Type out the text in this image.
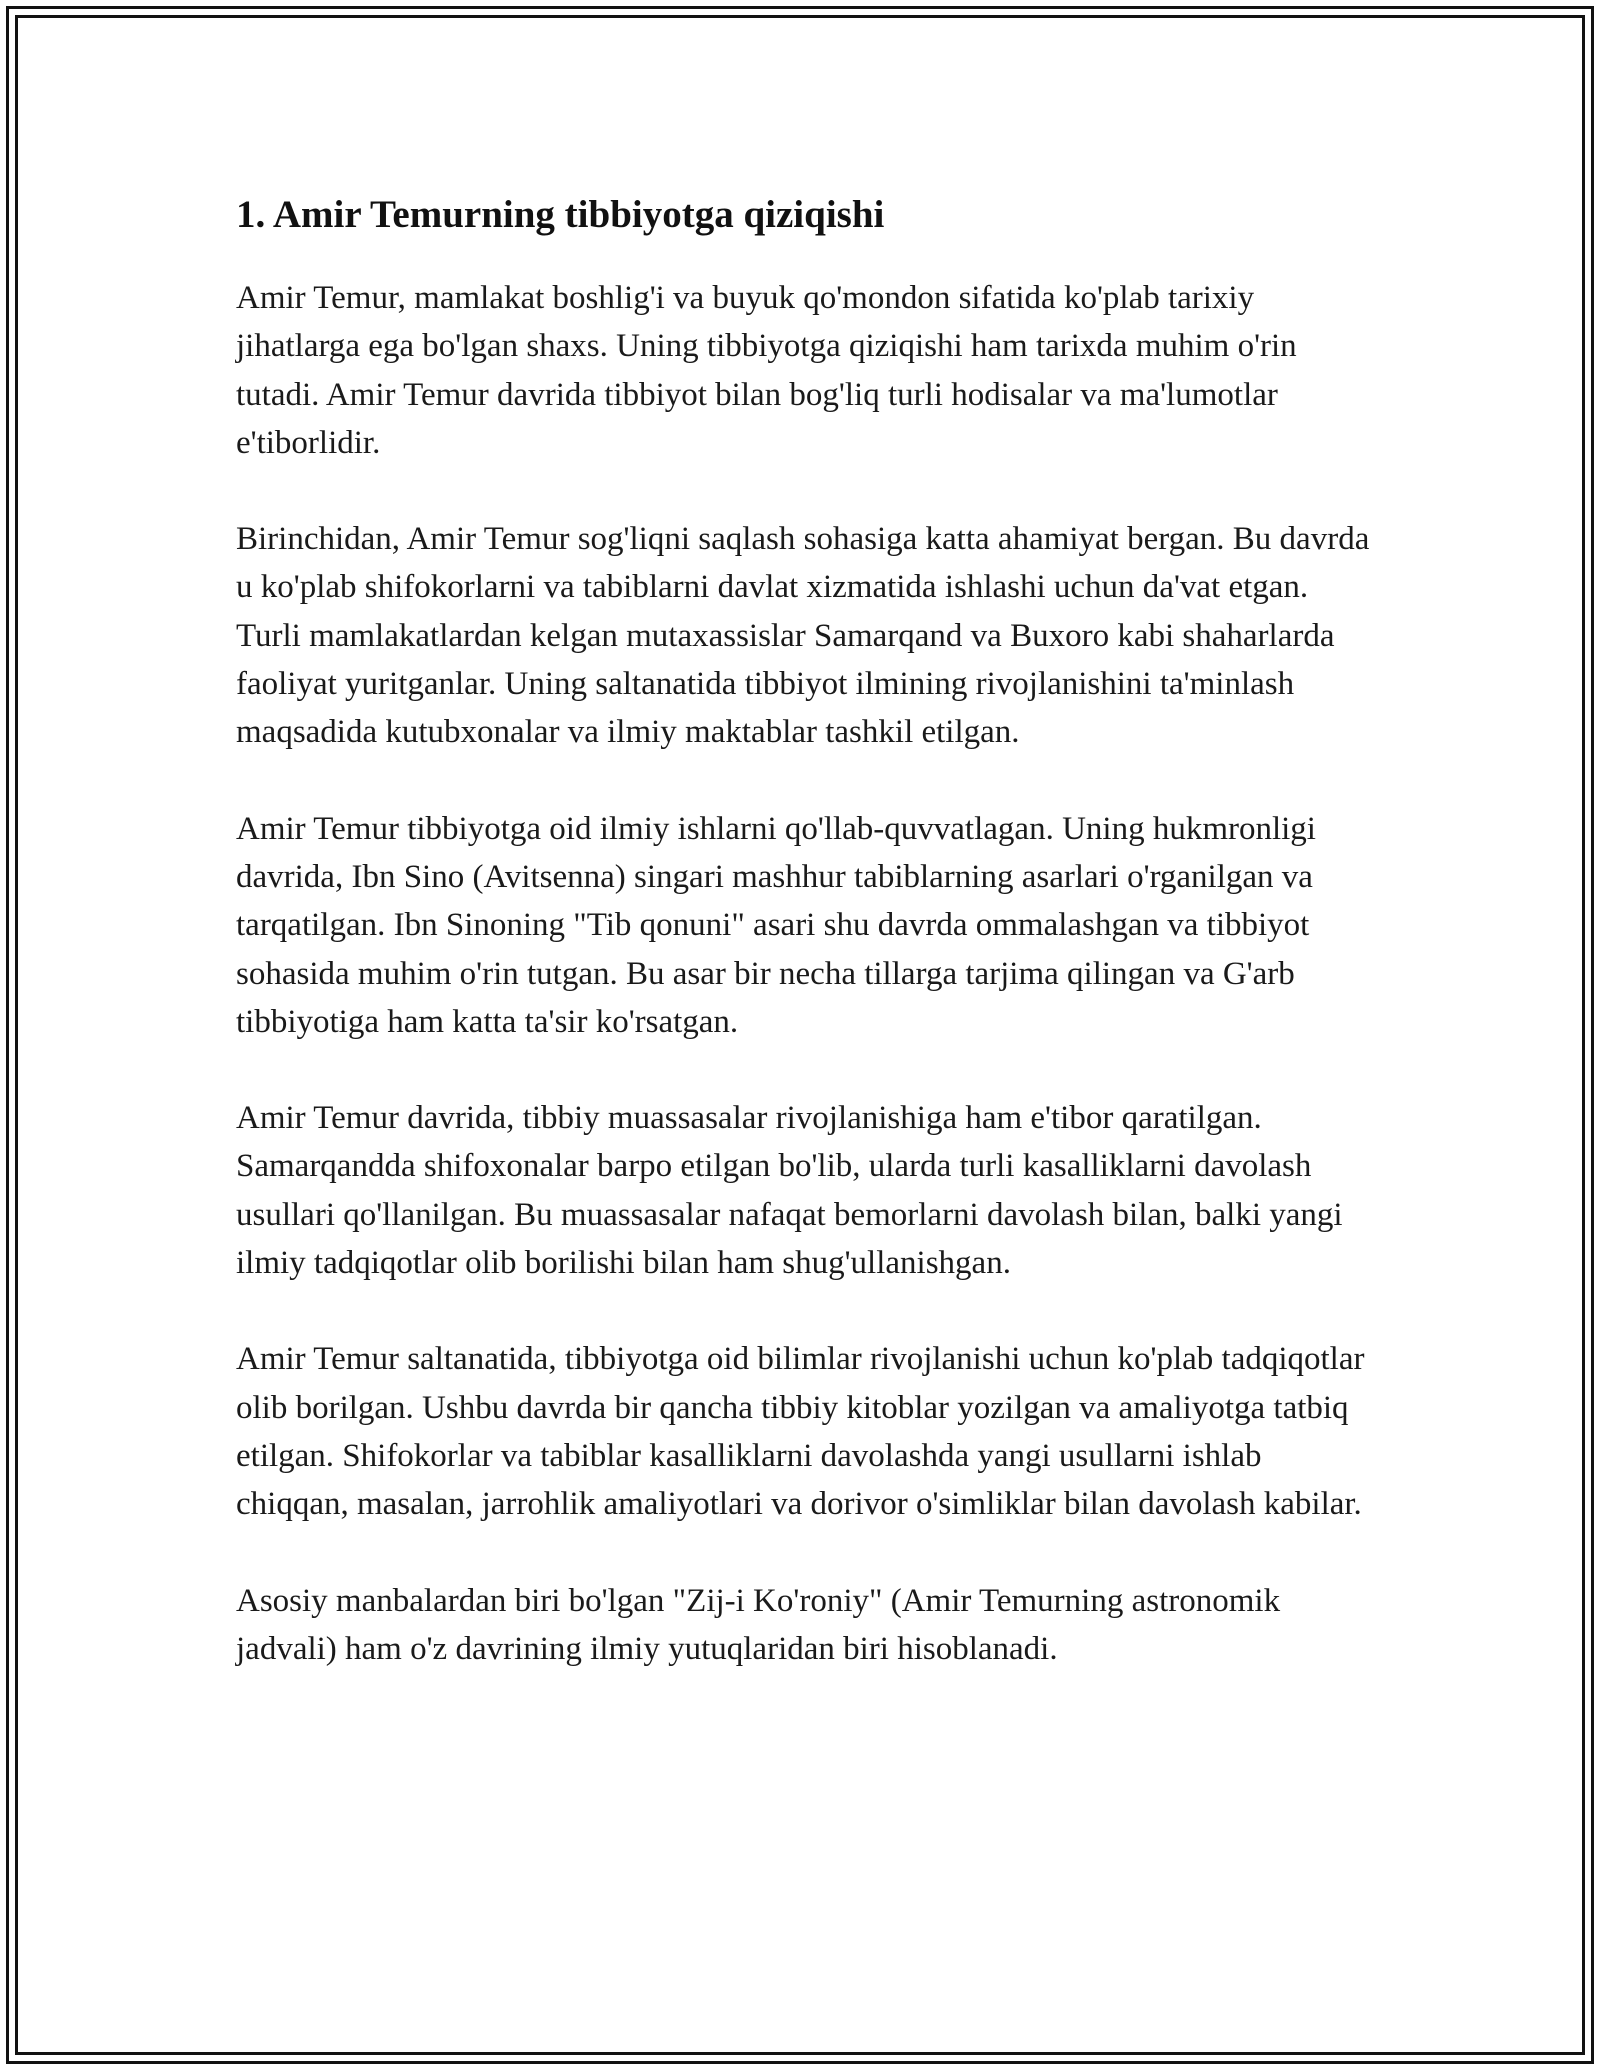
1. Amir Temurning tibbiyotga qiziqishi

Amir Temur, mamlakat boshlig'i va buyuk qo'mondon sifatida ko'plab tarixiy jihatlarga ega bo'lgan shaxs. Uning tibbiyotga qiziqishi ham tarixda muhim o'rin tutadi. Amir Temur davrida tibbiyot bilan bog'liq turli hodisalar va ma'lumotlar e'tiborlidir.

Birinchidan, Amir Temur sog'liqni saqlash sohasiga katta ahamiyat bergan. Bu davrda u ko'plab shifokorlarni va tabiblarni davlat xizmatida ishlashi uchun da'vat etgan. Turli mamlakatlardan kelgan mutaxassislar Samarqand va Buxoro kabi shaharlarda faoliyat yuritganlar. Uning saltanatida tibbiyot ilmining rivojlanishini ta'minlash maqsadida kutubxonalar va ilmiy maktablar tashkil etilgan.

Amir Temur tibbiyotga oid ilmiy ishlarni qo'llab-quvvatlagan. Uning hukmronligi davrida, Ibn Sino (Avitsenna) singari mashhur tabiblarning asarlari o'rganilgan va tarqatilgan. Ibn Sinoning "Tib qonuni" asari shu davrda ommalashgan va tibbiyot sohasida muhim o'rin tutgan. Bu asar bir necha tillarga tarjima qilingan va G'arb tibbiyotiga ham katta ta'sir ko'rsatgan.

Amir Temur davrida, tibbiy muassasalar rivojlanishiga ham e'tibor qaratilgan. Samarqandda shifoxonalar barpo etilgan bo'lib, ularda turli kasalliklarni davolash usullari qo'llanilgan. Bu muassasalar nafaqat bemorlarni davolash bilan, balki yangi ilmiy tadqiqotlar olib borilishi bilan ham shug'ullanishgan.

Amir Temur saltanatida, tibbiyotga oid bilimlar rivojlanishi uchun ko'plab tadqiqotlar olib borilgan. Ushbu davrda bir qancha tibbiy kitoblar yozilgan va amaliyotga tatbiq etilgan. Shifokorlar va tabiblar kasalliklarni davolashda yangi usullarni ishlab chiqqan, masalan, jarrohlik amaliyotlari va dorivor o'simliklar bilan davolash kabilar.

Asosiy manbalardan biri bo'lgan "Zij-i Ko'roniy" (Amir Temurning astronomik jadvali) ham o'z davrining ilmiy yutuqlaridan biri hisoblanadi.
